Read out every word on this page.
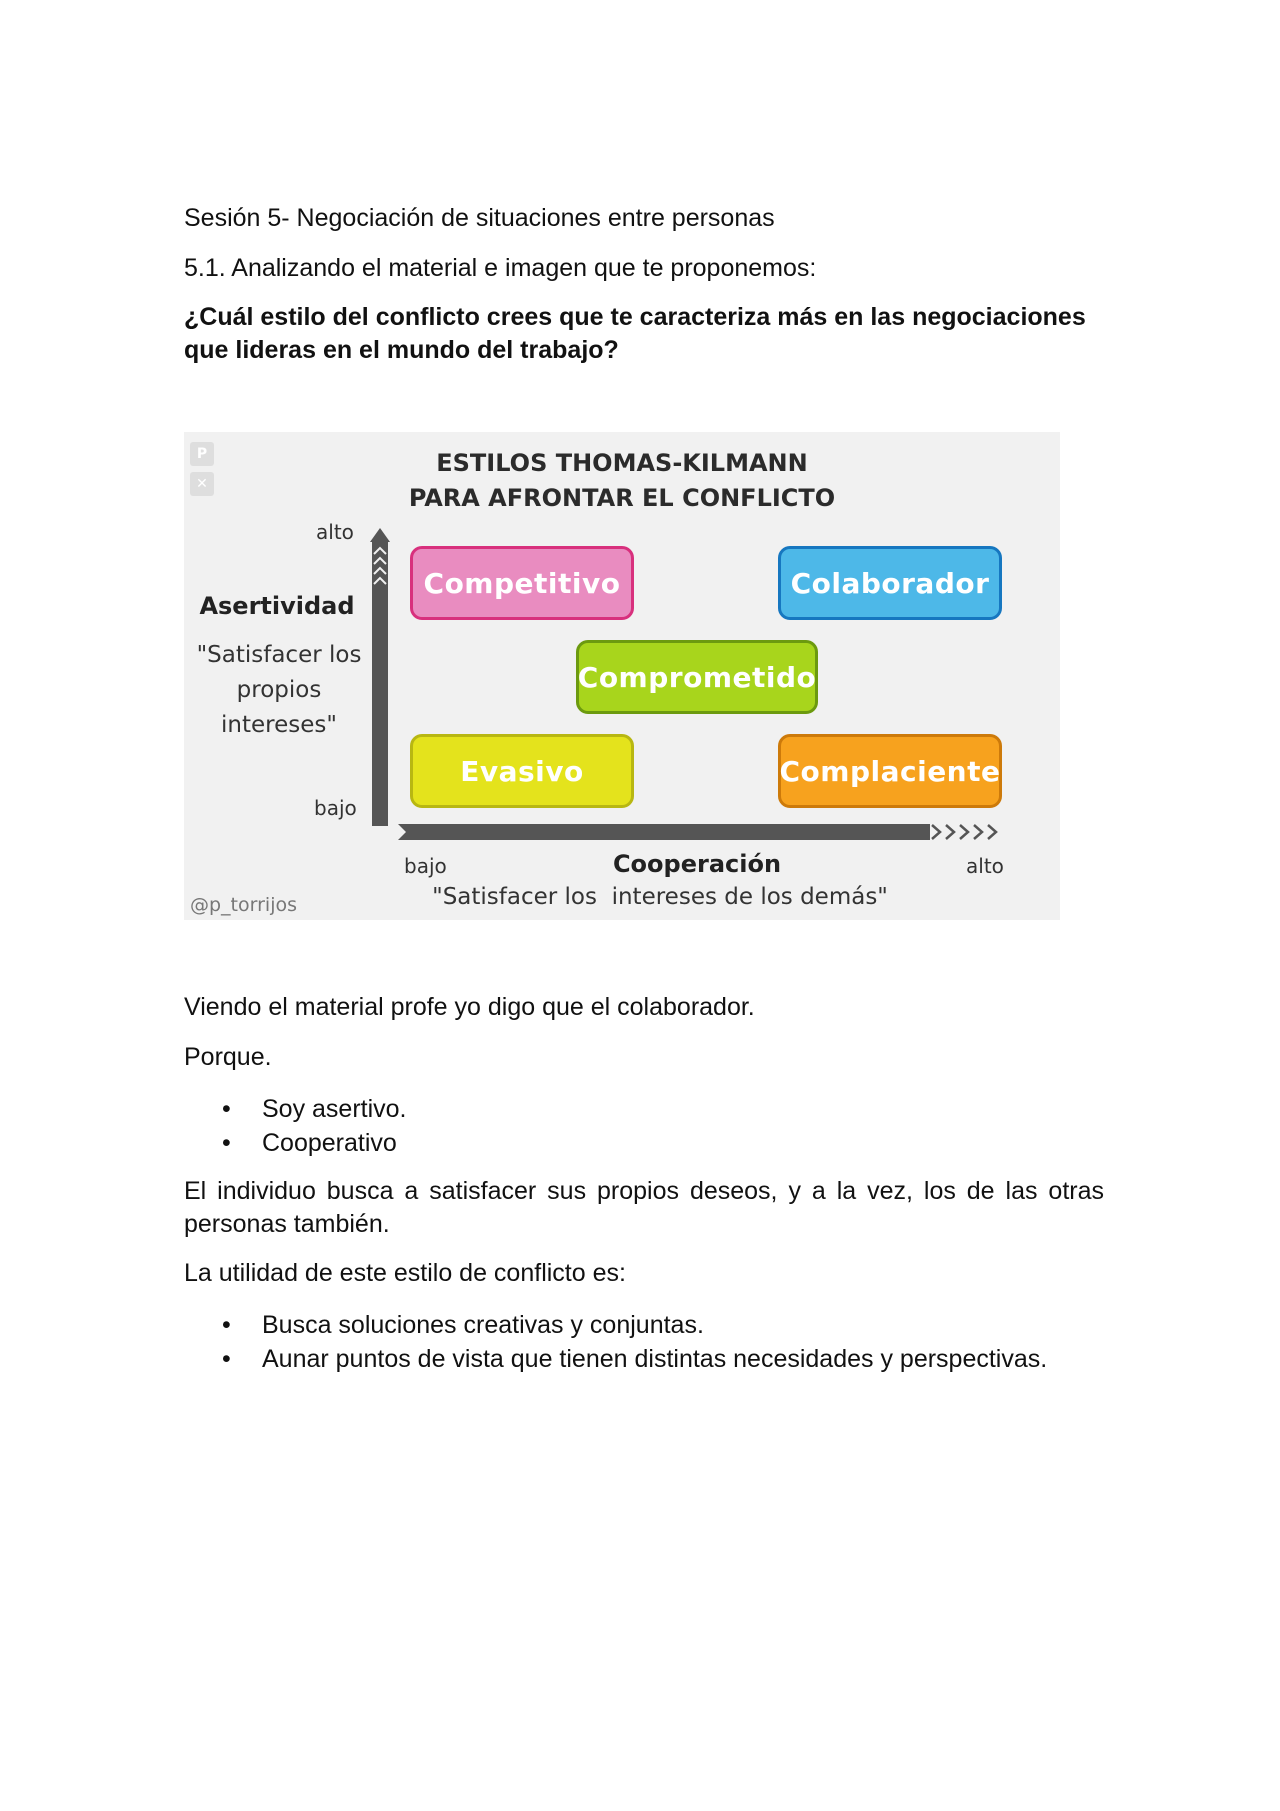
Sesión 5- Negociación de situaciones entre personas
5.1. Analizando el material e imagen que te proponemos:
¿Cuál estilo del conflicto crees que te caracteriza más en las negociaciones
que lideras en el mundo del trabajo?
P
✕
ESTILOS THOMAS-KILMANN
PARA AFRONTAR EL CONFLICTO
alto
Asertividad
"Satisfacer los
propios
intereses"
bajo
Competitivo	Colaborador
Comprometido
Evasivo	Complaciente
bajo	Cooperación	alto
"Satisfacer los  intereses de los demás"
@p_torrijos
Viendo el material profe yo digo que el colaborador.
Porque.
• Soy asertivo.
• Cooperativo
El individuo busca a satisfacer sus propios deseos, y a la vez, los de las otras personas también.
La utilidad de este estilo de conflicto es:
• Busca soluciones creativas y conjuntas.
• Aunar puntos de vista que tienen distintas necesidades y perspectivas.
